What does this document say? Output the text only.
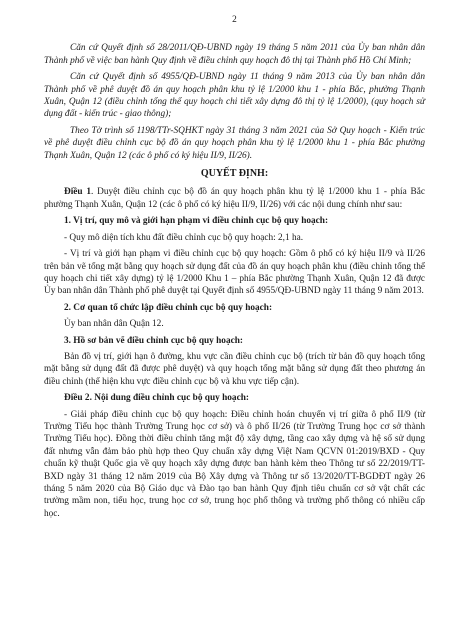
2

Căn cứ Quyết định số 28/2011/QĐ-UBND ngày 19 tháng 5 năm 2011 của Ủy ban nhân dân Thành phố về việc ban hành Quy định về điều chỉnh quy hoạch đô thị tại Thành phố Hồ Chí Minh;

Căn cứ Quyết định số 4955/QĐ-UBND ngày 11 tháng 9 năm 2013 của Ủy ban nhân dân Thành phố về phê duyệt đồ án quy hoạch phân khu tỷ lệ 1/2000 khu 1 - phía Bắc, phường Thạnh Xuân, Quận 12 (điều chỉnh tổng thể quy hoạch chi tiết xây dựng đô thị tỷ lệ 1/2000), (quy hoạch sử dụng đất - kiến trúc - giao thông);

Theo Tờ trình số 1198/TTr-SQHKT ngày 31 tháng 3 năm 2021 của Sở Quy hoạch - Kiến trúc về phê duyệt điều chỉnh cục bộ đồ án quy hoạch phân khu tỷ lệ 1/2000 khu 1 - phía Bắc phường Thạnh Xuân, Quận 12 (các ô phố có ký hiệu II/9, II/26).

QUYẾT ĐỊNH:

Điều 1. Duyệt điều chỉnh cục bộ đồ án quy hoạch phân khu tỷ lệ 1/2000 khu 1 - phía Bắc phường Thạnh Xuân, Quận 12 (các ô phố có ký hiệu II/9, II/26) với các nội dung chính như sau:

1. Vị trí, quy mô và giới hạn phạm vi điều chỉnh cục bộ quy hoạch:

- Quy mô diện tích khu đất điều chỉnh cục bộ quy hoạch: 2,1 ha.

- Vị trí và giới hạn phạm vi điều chỉnh cục bộ quy hoạch: Gồm ô phố có ký hiệu II/9 và II/26 trên bản vẽ tổng mặt bằng quy hoạch sử dụng đất của đồ án quy hoạch phân khu (điều chỉnh tổng thể quy hoạch chi tiết xây dựng) tỷ lệ 1/2000 Khu 1 – phía Bắc phường Thạnh Xuân, Quận 12 đã được Ủy ban nhân dân Thành phố phê duyệt tại Quyết định số 4955/QĐ-UBND ngày 11 tháng 9 năm 2013.

2. Cơ quan tổ chức lập điều chỉnh cục bộ quy hoạch:

Ủy ban nhân dân Quận 12.

3. Hồ sơ bản vẽ điều chỉnh cục bộ quy hoạch:

Bản đồ vị trí, giới hạn ô đường, khu vực cần điều chỉnh cục bộ (trích từ bản đồ quy hoạch tổng mặt bằng sử dụng đất đã được phê duyệt) và quy hoạch tổng mặt bằng sử dụng đất theo phương án điều chỉnh (thể hiện khu vực điều chỉnh cục bộ và khu vực tiếp cận).

Điều 2. Nội dung điều chỉnh cục bộ quy hoạch:

- Giải pháp điều chỉnh cục bộ quy hoạch: Điều chỉnh hoán chuyển vị trí giữa ô phố II/9 (từ Trường Tiểu học thành Trường Trung học cơ sở) và ô phố II/26 (từ Trường Trung học cơ sở thành Trường Tiểu học). Đồng thời điều chỉnh tăng mật độ xây dựng, tầng cao xây dựng và hệ số sử dụng đất nhưng vẫn đảm bảo phù hợp theo Quy chuẩn xây dựng Việt Nam QCVN 01:2019/BXD - Quy chuẩn kỹ thuật Quốc gia về quy hoạch xây dựng được ban hành kèm theo Thông tư số 22/2019/TT-BXD ngày 31 tháng 12 năm 2019 của Bộ Xây dựng và Thông tư số 13/2020/TT-BGDĐT ngày 26 tháng 5 năm 2020 của Bộ Giáo dục và Đào tạo ban hành Quy định tiêu chuẩn cơ sở vật chất các trường mầm non, tiểu học, trung học cơ sở, trung học phổ thông và trường phổ thông có nhiều cấp học.
